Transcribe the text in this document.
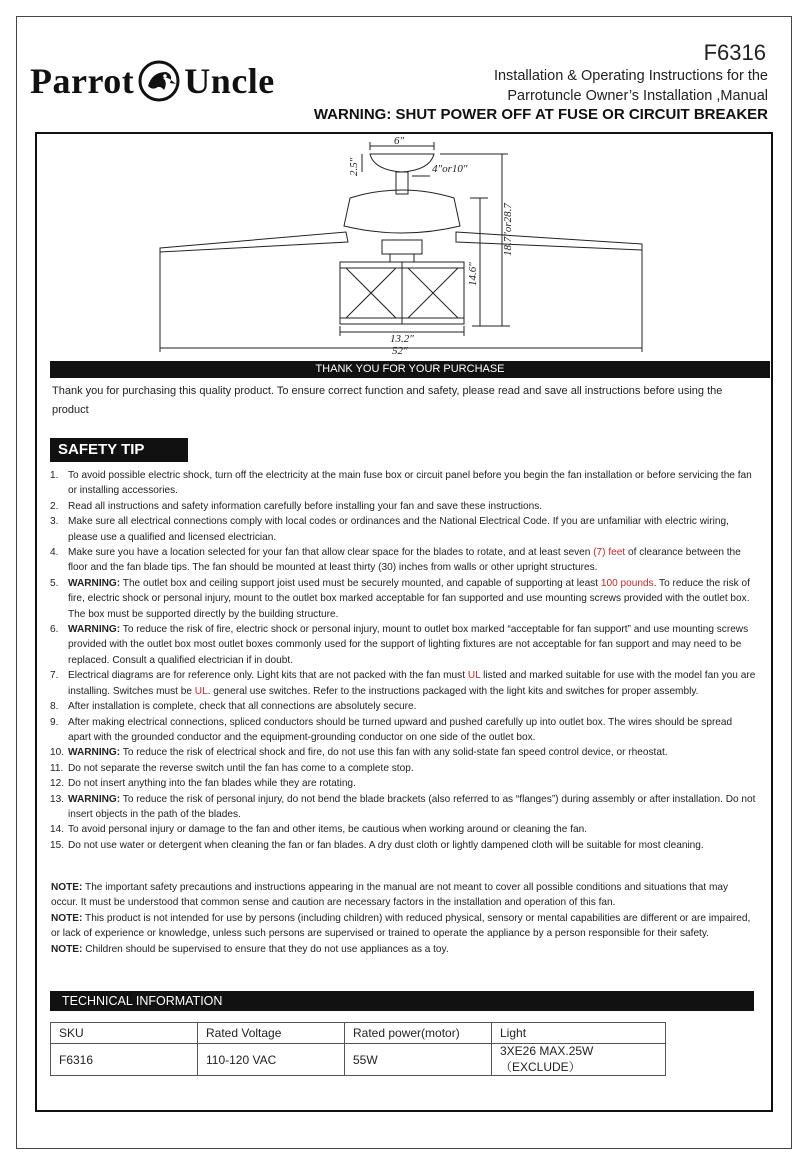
Parrot Uncle
F6316
Installation & Operating Instructions for the
Parrotuncle Owner’s Installation ,Manual
WARNING: SHUT POWER OFF AT FUSE OR CIRCUIT BREAKER
6″
2.5″	4″or10″
14.6″
18.7″or28.7
13.2″
52″
THANK YOU FOR YOUR PURCHASE
Thank you for purchasing this quality product. To ensure correct function and safety, please read and save all instructions before using the product
SAFETY TIP
1. To avoid possible electric shock, turn off the electricity at the main fuse box or circuit panel before you begin the fan installation or before servicing the fan or installing accessories.
2. Read all instructions and safety information carefully before installing your fan and save these instructions.
3. Make sure all electrical connections comply with local codes or ordinances and the National Electrical Code. If you are unfamiliar with electric wiring, please use a qualified and licensed electrician.
4. Make sure you have a location selected for your fan that allow clear space for the blades to rotate, and at least seven (7) feet of clearance between the floor and the fan blade tips. The fan should be mounted at least thirty (30) inches from walls or other upright structures.
5. WARNING: The outlet box and ceiling support joist used must be securely mounted, and capable of supporting at least 100 pounds. To reduce the risk of fire, electric shock or personal injury, mount to the outlet box marked acceptable for fan supported and use mounting screws provided with the outlet box. The box must be supported directly by the building structure.
6. WARNING: To reduce the risk of fire, electric shock or personal injury, mount to outlet box marked “acceptable for fan support” and use mounting screws provided with the outlet box most outlet boxes commonly used for the support of lighting fixtures are not acceptable for fan support and may need to be replaced. Consult a qualified electrician if in doubt.
7. Electrical diagrams are for reference only. Light kits that are not packed with the fan must UL listed and marked suitable for use with the model fan you are installing. Switches must be UL. general use switches. Refer to the instructions packaged with the light kits and switches for proper assembly.
8. After installation is complete, check that all connections are absolutely secure.
9. After making electrical connections, spliced conductors should be turned upward and pushed carefully up into outlet box. The wires should be spread apart with the grounded conductor and the equipment-grounding conductor on one side of the outlet box.
10. WARNING: To reduce the risk of electrical shock and fire, do not use this fan with any solid-state fan speed control device, or rheostat.
11. Do not separate the reverse switch until the fan has come to a complete stop.
12. Do not insert anything into the fan blades while they are rotating.
13. WARNING: To reduce the risk of personal injury, do not bend the blade brackets (also referred to as “flanges”) during assembly or after installation. Do not insert objects in the path of the blades.
14. To avoid personal injury or damage to the fan and other items, be cautious when working around or cleaning the fan.
15. Do not use water or detergent when cleaning the fan or fan blades. A dry dust cloth or lightly dampened cloth will be suitable for most cleaning.

NOTE: The important safety precautions and instructions appearing in the manual are not meant to cover all possible conditions and situations that may occur. It must be understood that common sense and caution are necessary factors in the installation and operation of this fan.

NOTE: This product is not intended for use by persons (including children) with reduced physical, sensory or mental capabilities are different or are impaired, or lack of experience or knowledge, unless such persons are supervised or trained to operate the appliance by a person responsible for their safety.

NOTE: Children should be supervised to ensure that they do not use appliances as a toy.

TECHNICAL INFORMATION
SKU	Rated Voltage	Rated power(motor)	Light
F6316	110-120 VAC	55W	3XE26 MAX.25W（EXCLUDE）
